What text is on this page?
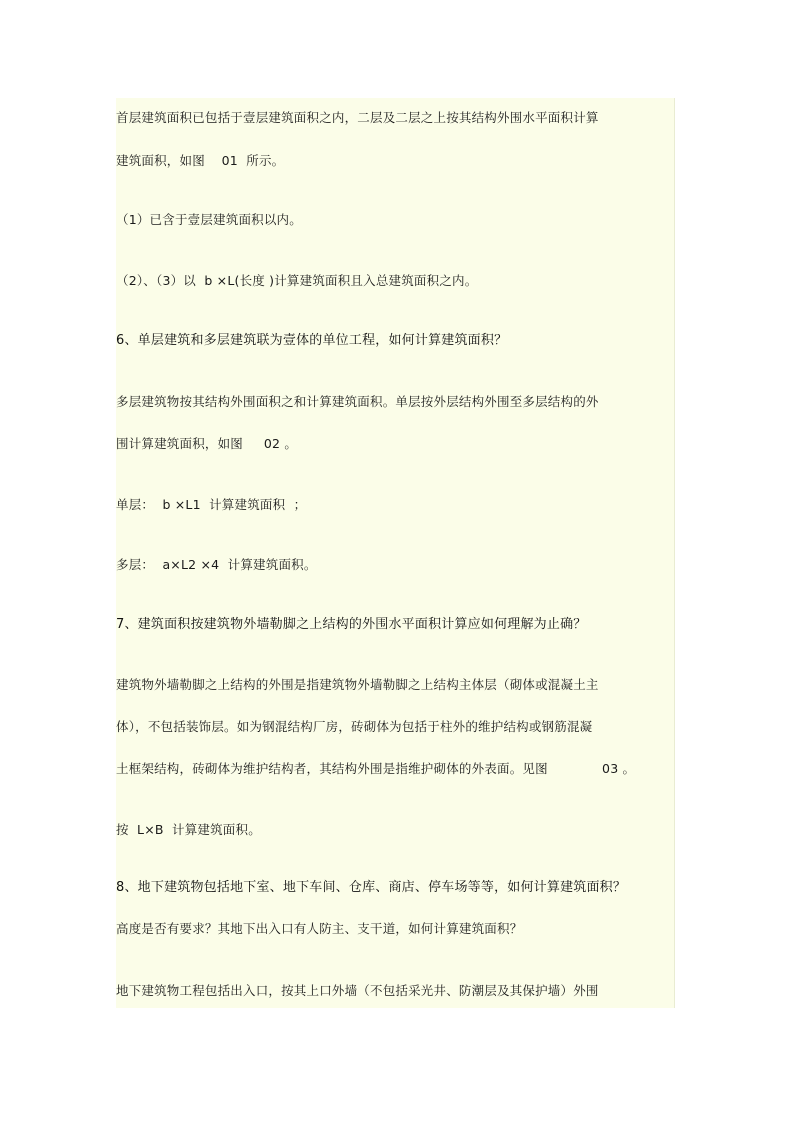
首层建筑面积已包括于壹层建筑面积之内，二层及二层之上按其结构外围水平面积计算
建筑面积，如图    01  所示。
（1）已含于壹层建筑面积以内。
（2）、（3）以  b ×L(长度 )计算建筑面积且入总建筑面积之内。
6、单层建筑和多层建筑联为壹体的单位工程，如何计算建筑面积？
多层建筑物按其结构外围面积之和计算建筑面积。单层按外层结构外围至多层结构的外
围计算建筑面积，如图     02 。
单层：  b ×L1  计算建筑面积  ；
多层：  a×L2 ×4  计算建筑面积。
7、建筑面积按建筑物外墙勒脚之上结构的外围水平面积计算应如何理解为止确？
建筑物外墙勒脚之上结构的外围是指建筑物外墙勒脚之上结构主体层（砌体或混凝土主
体），不包括装饰层。如为钢混结构厂房，砖砌体为包括于柱外的维护结构或钢筋混凝
土框架结构，砖砌体为维护结构者，其结构外围是指维护砌体的外表面。见图             03 。
按  L×B  计算建筑面积。
8、地下建筑物包括地下室、地下车间、仓库、商店、停车场等等，如何计算建筑面积？
高度是否有要求？其地下出入口有人防主、支干道，如何计算建筑面积？
地下建筑物工程包括出入口，按其上口外墙（不包括采光井、防潮层及其保护墙）外围
